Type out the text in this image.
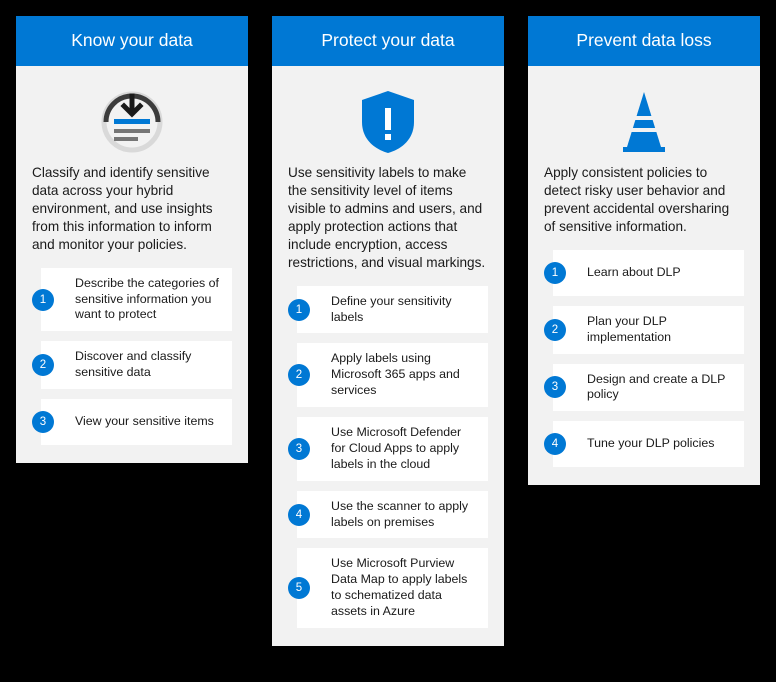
Know your data
Classify and identify sensitive data across your hybrid environment, and use insights from this information to inform and monitor your policies.
1
Describe the categories of sensitive information you want to protect
2
Discover and classify sensitive data
3	View your sensitive items
Protect your data
Use sensitivity labels to make the sensitivity level of items visible to admins and users, and apply protection actions that include encryption, access restrictions, and visual markings.
1
Define your sensitivity labels
2
Apply labels using Microsoft 365 apps and services
3
Use Microsoft Defender for Cloud Apps to apply labels in the cloud
4
Use the scanner to apply labels on premises
5
Use Microsoft Purview Data Map to apply labels to schematized data assets in Azure
Prevent data loss
Apply consistent policies to detect risky user behavior and prevent accidental oversharing of sensitive information.
1	Learn about DLP
2
Plan your DLP implementation
3
Design and create a DLP policy
4	Tune your DLP policies
